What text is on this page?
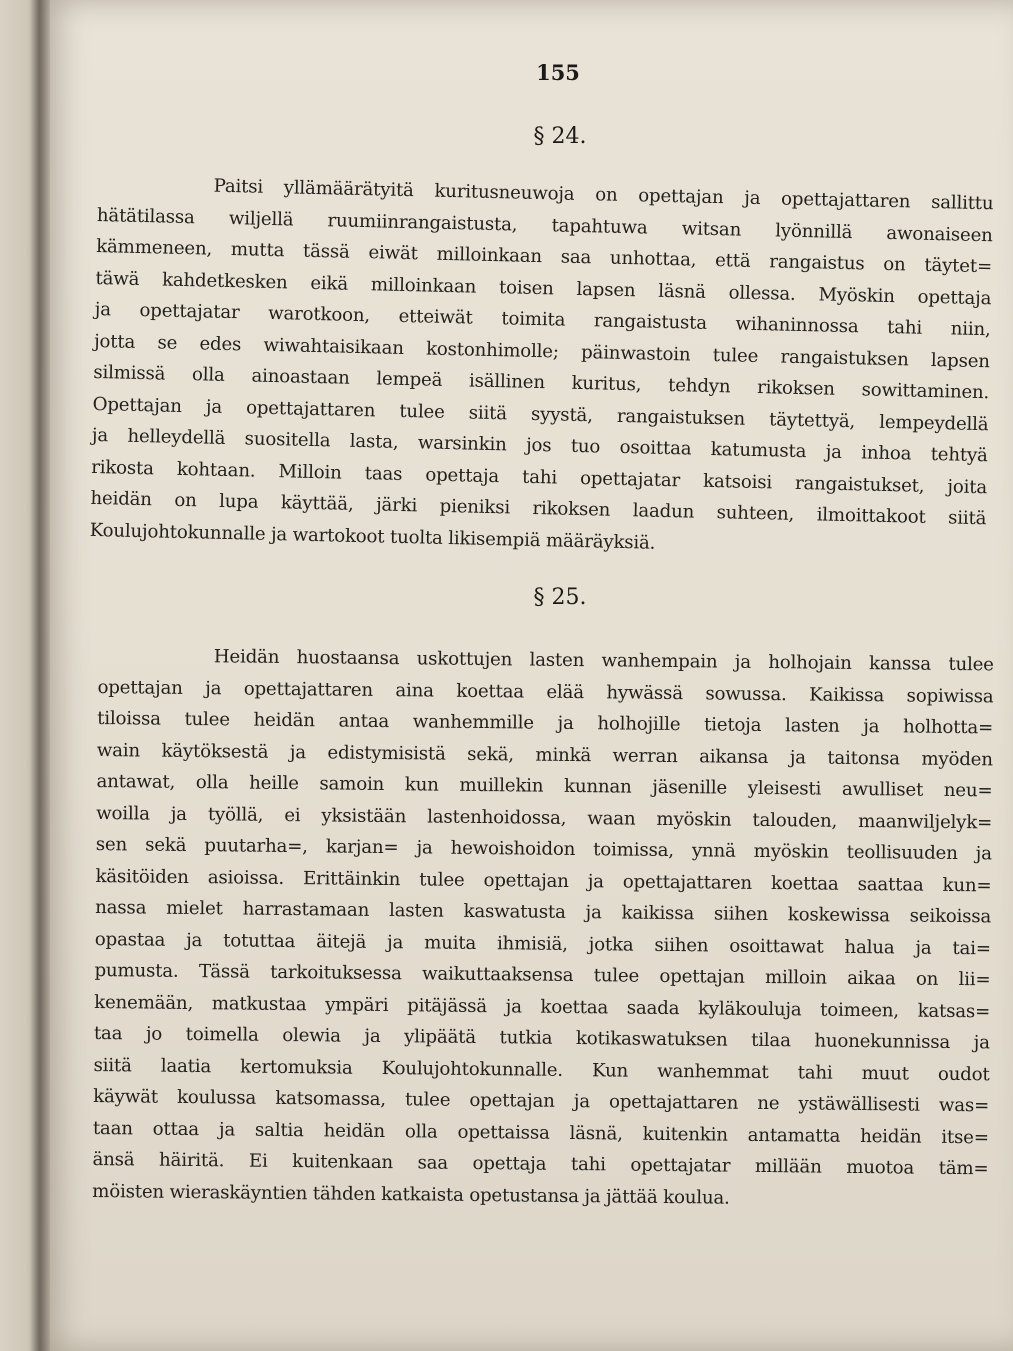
155
§ 24.
Paitsi yllämäärätyitä kuritusneuwoja on opettajan ja opettajattaren sallittu
hätätilassa wiljellä ruumiinrangaistusta, tapahtuwa witsan lyönnillä awonaiseen
kämmeneen, mutta tässä eiwät milloinkaan saa unhottaa, että rangaistus on täytet=
täwä kahdetkesken eikä milloinkaan toisen lapsen läsnä ollessa. Myöskin opettaja
ja opettajatar warotkoon, etteiwät toimita rangaistusta wihaninnossa tahi niin,
jotta se edes wiwahtaisikaan kostonhimolle; päinwastoin tulee rangaistuksen lapsen
silmissä olla ainoastaan lempeä isällinen kuritus, tehdyn rikoksen sowittaminen.
Opettajan ja opettajattaren tulee siitä syystä, rangaistuksen täytettyä, lempeydellä
ja helleydellä suositella lasta, warsinkin jos tuo osoittaa katumusta ja inhoa tehtyä
rikosta kohtaan. Milloin taas opettaja tahi opettajatar katsoisi rangaistukset, joita
heidän on lupa käyttää, järki pieniksi rikoksen laadun suhteen, ilmoittakoot siitä
Koulujohtokunnalle ja wartokoot tuolta likisempiä määräyksiä.
§ 25.
Heidän huostaansa uskottujen lasten wanhempain ja holhojain kanssa tulee
opettajan ja opettajattaren aina koettaa elää hywässä sowussa. Kaikissa sopiwissa
tiloissa tulee heidän antaa wanhemmille ja holhojille tietoja lasten ja holhotta=
wain käytöksestä ja edistymisistä sekä, minkä werran aikansa ja taitonsa myöden
antawat, olla heille samoin kun muillekin kunnan jäsenille yleisesti awulliset neu=
woilla ja työllä, ei yksistään lastenhoidossa, waan myöskin talouden, maanwiljelyk=
sen sekä puutarha=, karjan= ja hewoishoidon toimissa, ynnä myöskin teollisuuden ja
käsitöiden asioissa. Erittäinkin tulee opettajan ja opettajattaren koettaa saattaa kun=
nassa mielet harrastamaan lasten kaswatusta ja kaikissa siihen koskewissa seikoissa
opastaa ja totuttaa äitejä ja muita ihmisiä, jotka siihen osoittawat halua ja tai=
pumusta. Tässä tarkoituksessa waikuttaaksensa tulee opettajan milloin aikaa on lii=
kenemään, matkustaa ympäri pitäjässä ja koettaa saada kyläkouluja toimeen, katsas=
taa jo toimella olewia ja ylipäätä tutkia kotikaswatuksen tilaa huonekunnissa ja
siitä laatia kertomuksia Koulujohtokunnalle. Kun wanhemmat tahi muut oudot
käywät koulussa katsomassa, tulee opettajan ja opettajattaren ne ystäwällisesti was=
taan ottaa ja saltia heidän olla opettaissa läsnä, kuitenkin antamatta heidän itse=
änsä häiritä. Ei kuitenkaan saa opettaja tahi opettajatar millään muotoa täm=
möisten wieraskäyntien tähden katkaista opetustansa ja jättää koulua.
